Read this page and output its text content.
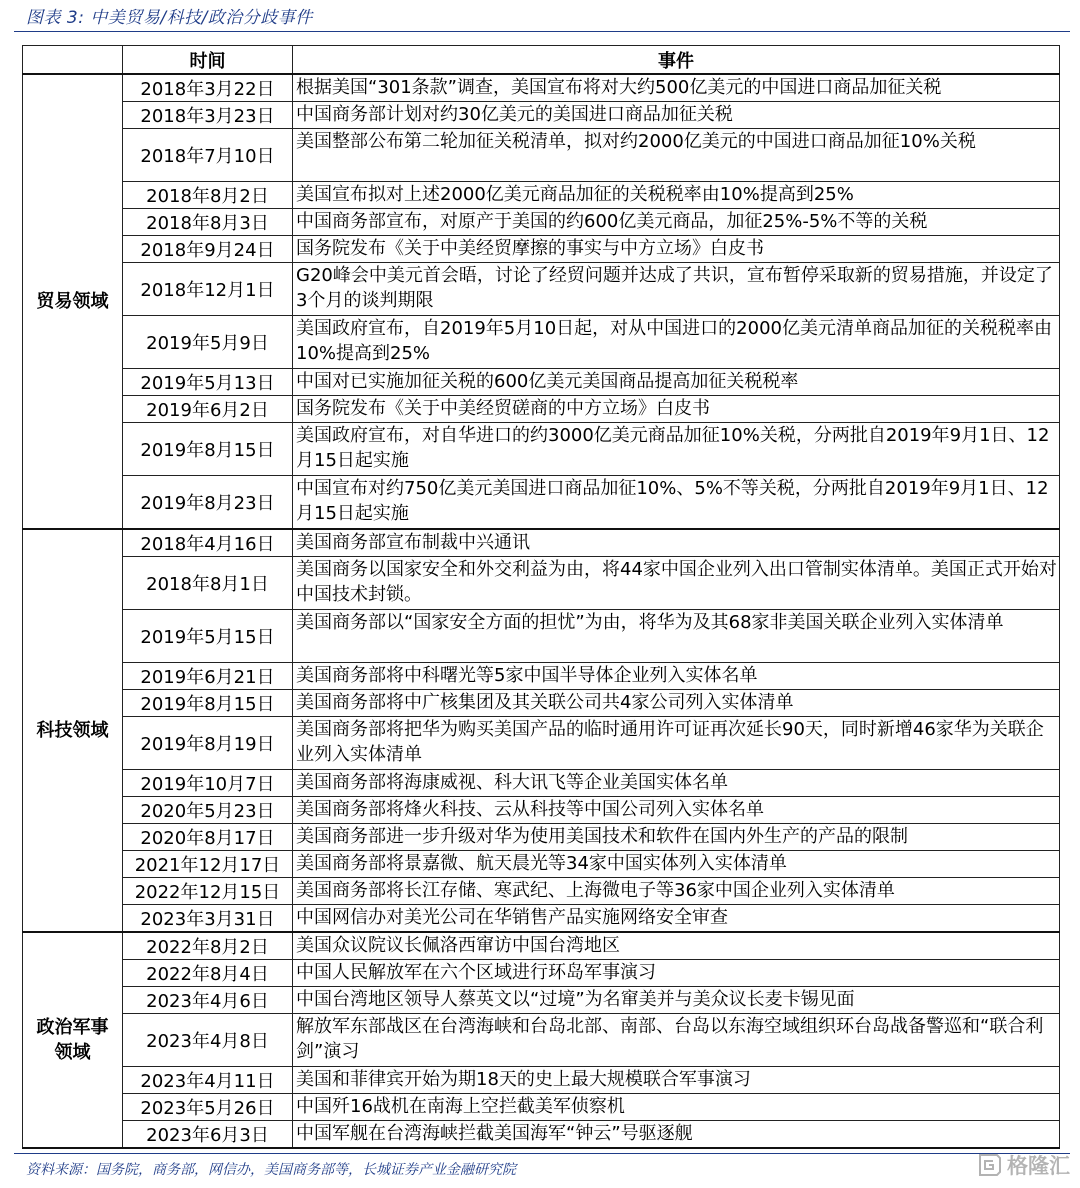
图表 3: 中美贸易/科技/政治分歧事件
	时间	事件
贸易领域	2018年3月22日	根据美国“301条款”调查，美国宣布将对大约500亿美元的中国进口商品加征关税
	2018年3月23日	中国商务部计划对约30亿美元的美国进口商品加征关税
	2018年7月10日	美国整部公布第二轮加征关税清单，拟对约2000亿美元的中国进口商品加征10%关税
	2018年8月2日	美国宣布拟对上述2000亿美元商品加征的关税税率由10%提高到25%
	2018年8月3日	中国商务部宣布，对原产于美国的约600亿美元商品，加征25%-5%不等的关税
	2018年9月24日	国务院发布《关于中美经贸摩擦的事实与中方立场》白皮书
	2018年12月1日	G20峰会中美元首会晤，讨论了经贸问题并达成了共识，宣布暂停采取新的贸易措施，并设定了3个月的谈判期限
	2019年5月9日	美国政府宣布，自2019年5月10日起，对从中国进口的2000亿美元清单商品加征的关税税率由10%提高到25%
	2019年5月13日	中国对已实施加征关税的600亿美元美国商品提高加征关税税率
	2019年6月2日	国务院发布《关于中美经贸磋商的中方立场》白皮书
	2019年8月15日	美国政府宣布，对自华进口的约3000亿美元商品加征10%关税，分两批自2019年9月1日、12月15日起实施
	2019年8月23日	中国宣布对约750亿美元美国进口商品加征10%、5%不等关税，分两批自2019年9月1日、12月15日起实施
科技领域	2018年4月16日	美国商务部宣布制裁中兴通讯
	2018年8月1日	美国商务以国家安全和外交利益为由，将44家中国企业列入出口管制实体清单。美国正式开始对中国技术封锁。
	2019年5月15日	美国商务部以“国家安全方面的担忧”为由，将华为及其68家非美国关联企业列入实体清单
	2019年6月21日	美国商务部将中科曙光等5家中国半导体企业列入实体名单
	2019年8月15日	美国商务部将中广核集团及其关联公司共4家公司列入实体清单
	2019年8月19日	美国商务部将把华为购买美国产品的临时通用许可证再次延长90天，同时新增46家华为关联企业列入实体清单
	2019年10月7日	美国商务部将海康威视、科大讯飞等企业美国实体名单
	2020年5月23日	美国商务部将烽火科技、云从科技等中国公司列入实体名单
	2020年8月17日	美国商务部进一步升级对华为使用美国技术和软件在国内外生产的产品的限制
	2021年12月17日	美国商务部将景嘉微、航天晨光等34家中国实体列入实体清单
	2022年12月15日	美国商务部将长江存储、寒武纪、上海微电子等36家中国企业列入实体清单
	2023年3月31日	中国网信办对美光公司在华销售产品实施网络安全审查

政治军事
领域	2022年8月2日	美国众议院议长佩洛西窜访中国台湾地区
	2022年8月4日	中国人民解放军在六个区域进行环岛军事演习
	2023年4月6日	中国台湾地区领导人蔡英文以“过境”为名窜美并与美众议长麦卡锡见面
	2023年4月8日	解放军东部战区在台湾海峡和台岛北部、南部、台岛以东海空域组织环台岛战备警巡和“联合利剑”演习
	2023年4月11日	美国和菲律宾开始为期18天的史上最大规模联合军事演习
	2023年5月26日	中国歼16战机在南海上空拦截美军侦察机
	2023年6月3日	中国军舰在台湾海峡拦截美国海军“钟云”号驱逐舰
资料来源：国务院，商务部，网信办，美国商务部等，长城证券产业金融研究院	格隆汇
